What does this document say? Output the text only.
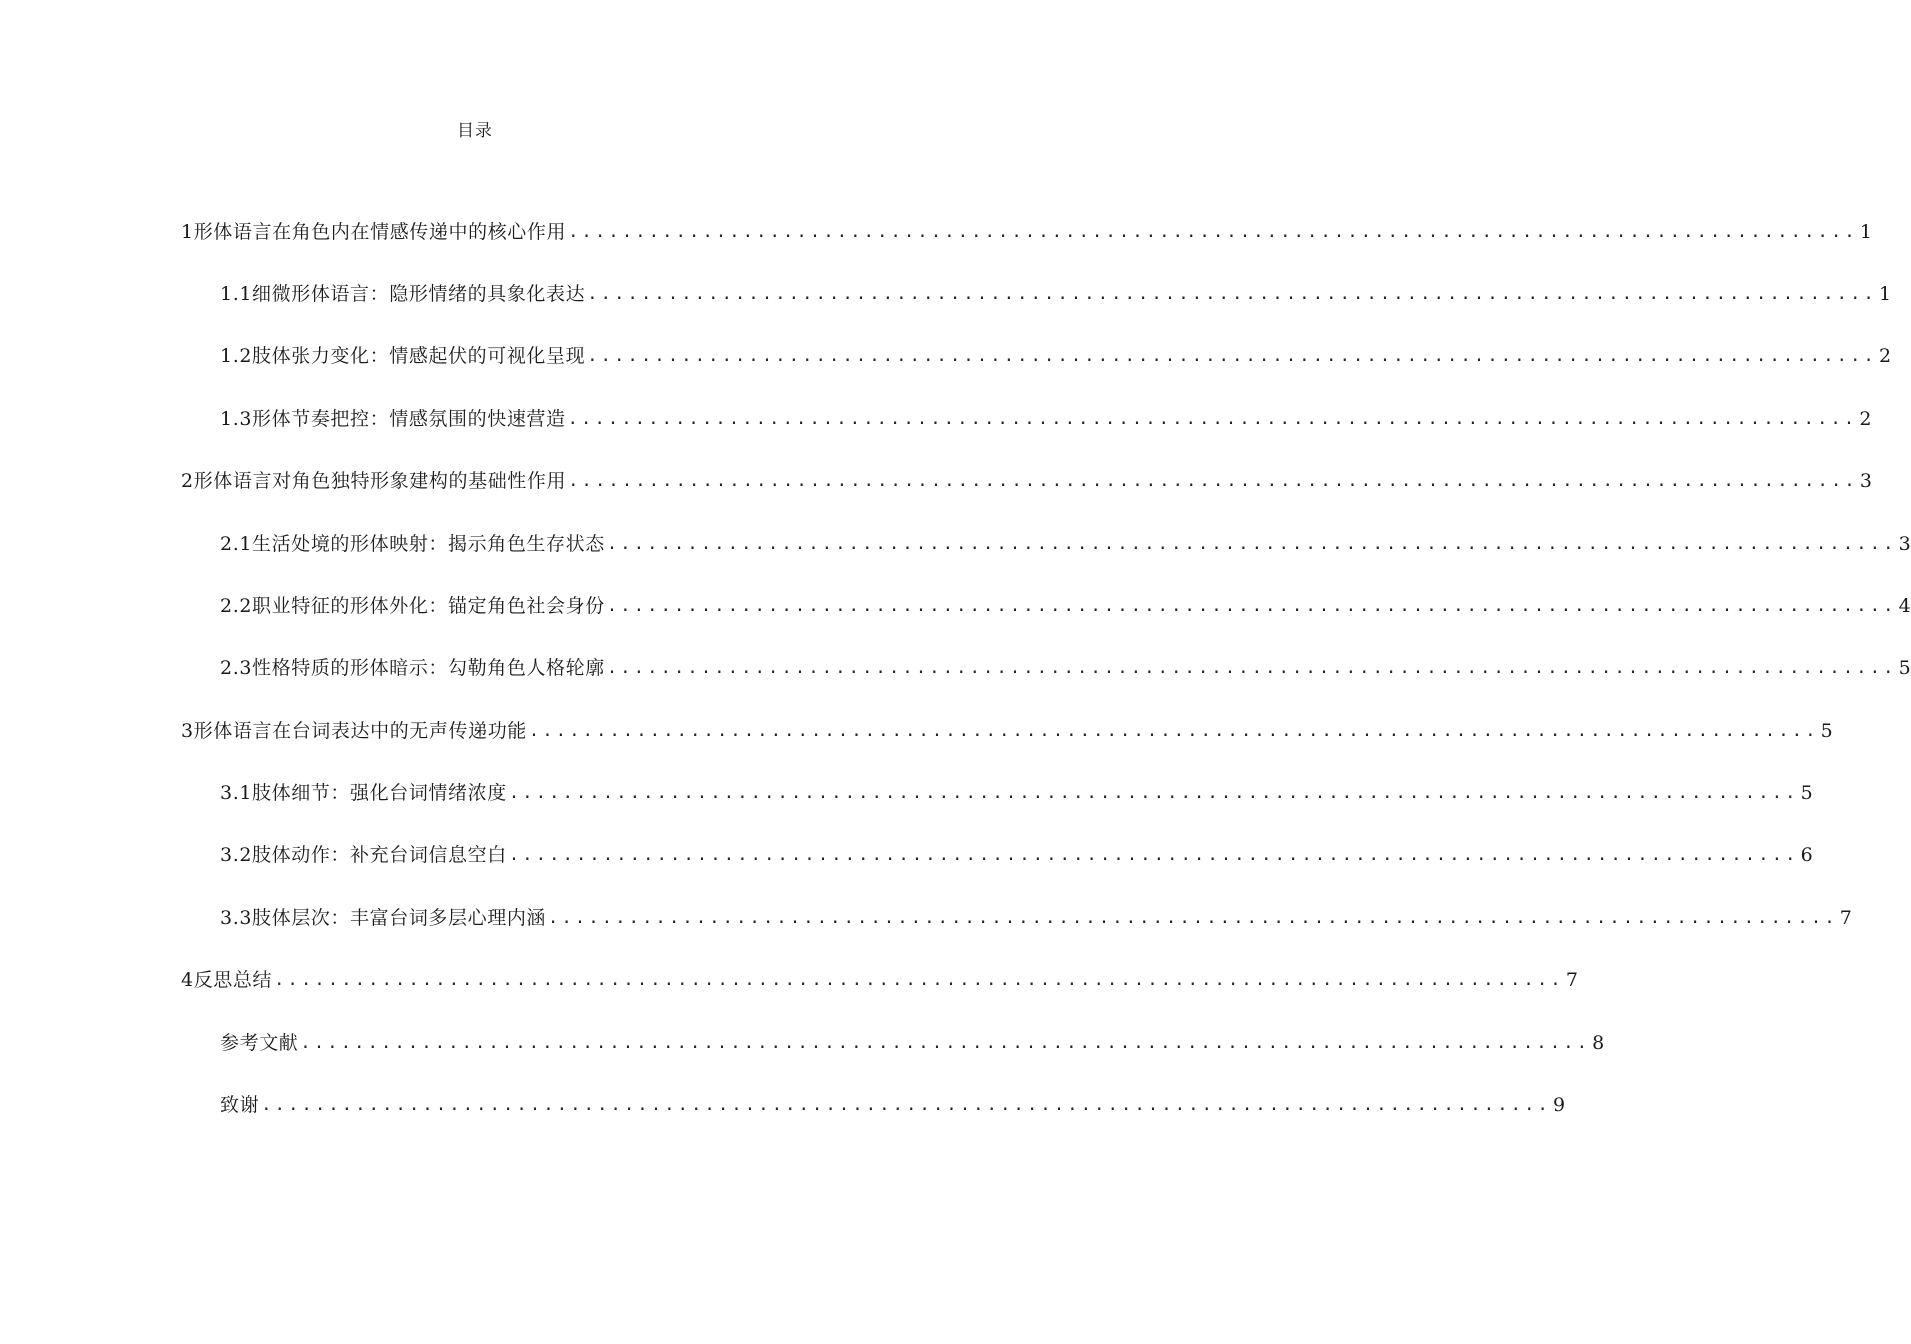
目录
1形体语言在角色内在情感传递中的核心作用 ................................................................................................ 1
1.1细微形体语言：隐形情绪的具象化表达 ................................................................................................ 1
1.2肢体张力变化：情感起伏的可视化呈现 ................................................................................................ 2
1.3形体节奏把控：情感氛围的快速营造 ................................................................................................ 2
2形体语言对角色独特形象建构的基础性作用 ................................................................................................ 3
2.1生活处境的形体映射：揭示角色生存状态 ................................................................................................ 3
2.2职业特征的形体外化：锚定角色社会身份 ................................................................................................ 4
2.3性格特质的形体暗示：勾勒角色人格轮廓 ................................................................................................ 5
3形体语言在台词表达中的无声传递功能 ................................................................................................ 5
3.1肢体细节：强化台词情绪浓度 ................................................................................................ 5
3.2肢体动作：补充台词信息空白 ................................................................................................ 6
3.3肢体层次：丰富台词多层心理内涵 ................................................................................................ 7
4反思总结 ................................................................................................ 7
参考文献 ................................................................................................ 8
致谢 ................................................................................................ 9
